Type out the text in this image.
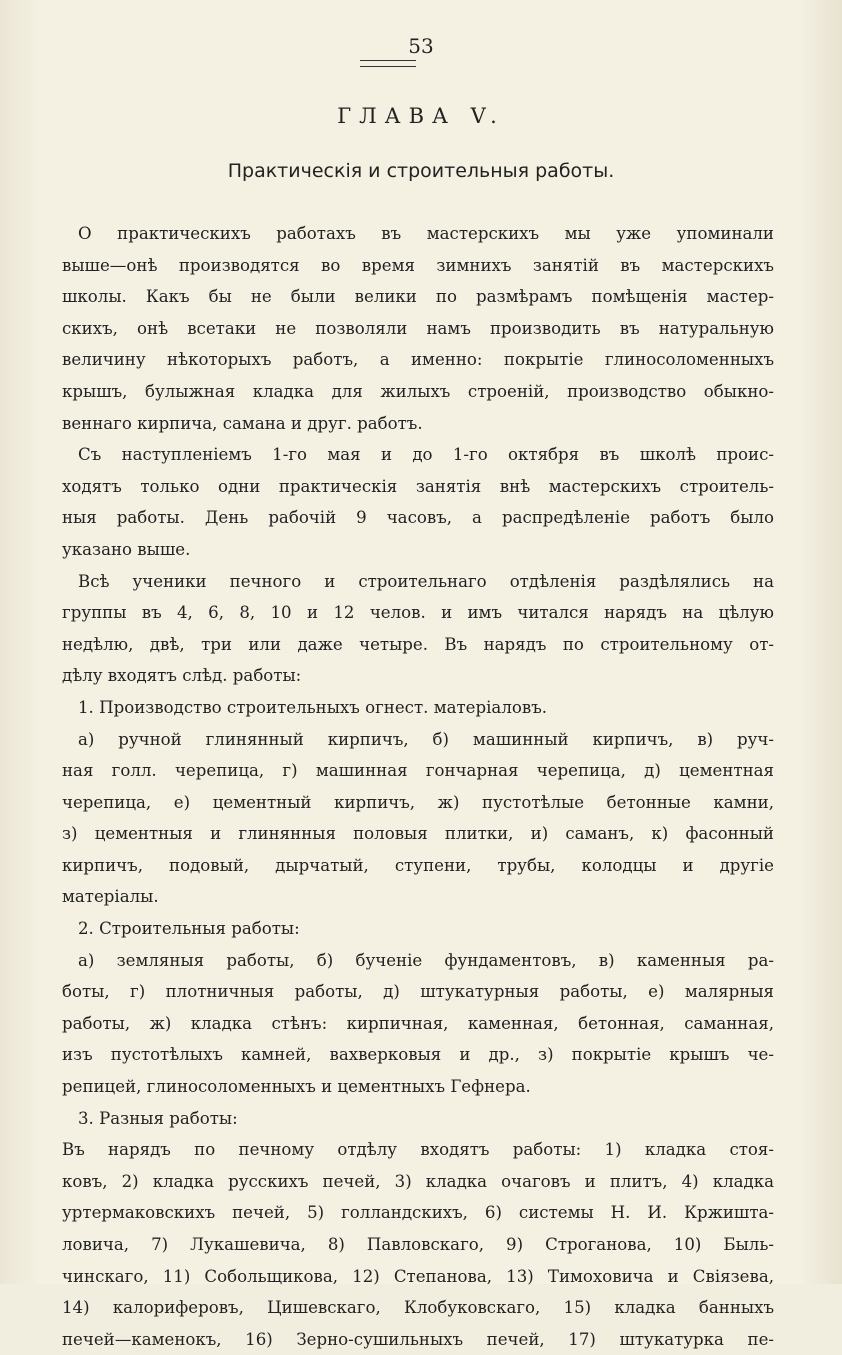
53
ГЛАВА V.
Практическія и строительныя работы.
О практическихъ работахъ въ мастерскихъ мы уже упоминали
выше—онѣ производятся во время зимнихъ занятій въ мастерскихъ
школы. Какъ бы не были велики по размѣрамъ помѣщенія мастер-
скихъ, онѣ всетаки не позволяли намъ производить въ натуральную
величину нѣкоторыхъ работъ, а именно: покрытіе глиносоломенныхъ
крышъ, булыжная кладка для жилыхъ строеній, производство обыкно-
веннаго кирпича, самана и друг. работъ.
Съ наступленіемъ 1-го мая и до 1-го октября въ школѣ проис-
ходятъ только одни практическія занятія внѣ мастерскихъ строитель-
ныя работы. День рабочій 9 часовъ, а распредѣленіе работъ было
указано выше.
Всѣ ученики печного и строительнаго отдѣленія раздѣлялись на
группы въ 4, 6, 8, 10 и 12 челов. и имъ читался нарядъ на цѣлую
недѣлю, двѣ, три или даже четыре. Въ нарядъ по строительному от-
дѣлу входятъ слѣд. работы:
1. Производство строительныхъ огнест. матеріаловъ.
а) ручной глинянный кирпичъ, б) машинный кирпичъ, в) руч-
ная голл. черепица, г) машинная гончарная черепица, д) цементная
черепица, е) цементный кирпичъ, ж) пустотѣлые бетонные камни,
з) цементныя и глинянныя половыя плитки, и) саманъ, к) фасонный
кирпичъ, подовый, дырчатый, ступени, трубы, колодцы и другіе
матеріалы.
2. Строительныя работы:
а) земляныя работы, б) бученіе фундаментовъ, в) каменныя ра-
боты, г) плотничныя работы, д) штукатурныя работы, е) малярныя
работы, ж) кладка стѣнъ: кирпичная, каменная, бетонная, саманная,
изъ пустотѣлыхъ камней, вахверковыя и др., з) покрытіе крышъ че-
репицей, глиносоломенныхъ и цементныхъ Гефнера.
3. Разныя работы:
Въ нарядъ по печному отдѣлу входятъ работы: 1) кладка стоя-
ковъ, 2) кладка русскихъ печей, 3) кладка очаговъ и плитъ, 4) кладка
уртермаковскихъ печей, 5) голландскихъ, 6) системы Н. И. Кржишта-
ловича, 7) Лукашевича, 8) Павловскаго, 9) Строганова, 10) Быль-
чинскаго, 11) Собольщикова, 12) Степанова, 13) Тимоховича и Свіязева,
14) калориферовъ, Цишевскаго, Клобуковскаго, 15) кладка банныхъ
печей—каменокъ, 16) Зерно-сушильныхъ печей, 17) штукатурка пе-
